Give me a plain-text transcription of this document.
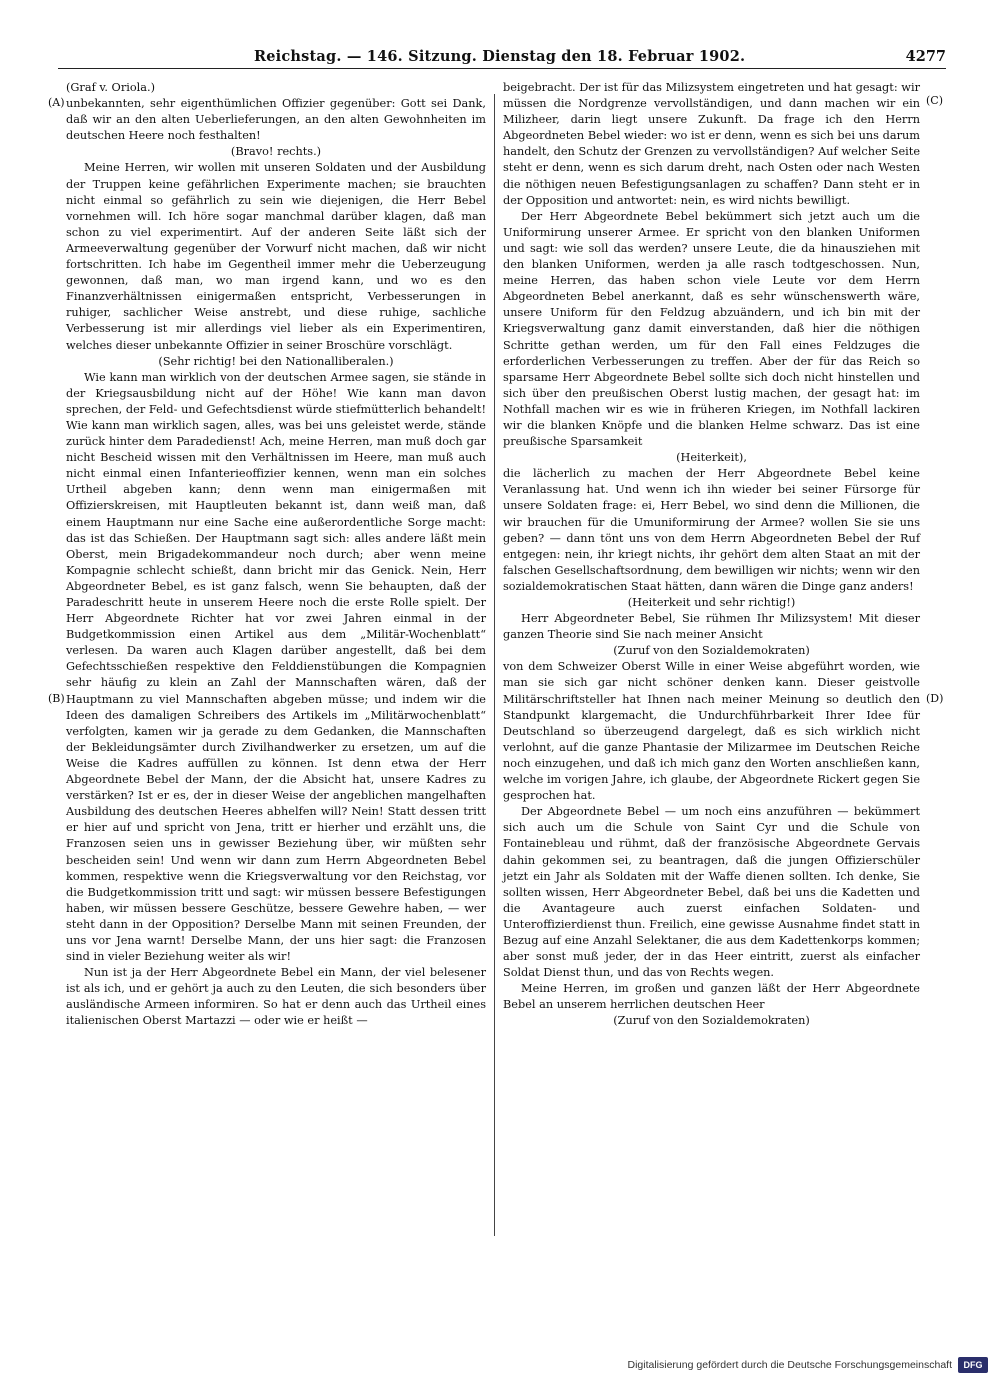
Reichstag. — 146. Sitzung. Dienstag den 18. Februar 1902.	4277
(A)
(B)
(C)
(D)

(Graf v. Oriola.)

unbekannten, sehr eigenthümlichen Offizier gegenüber: Gott sei Dank, daß wir an den alten Ueberlieferungen, an den alten Gewohnheiten im deutschen Heere noch festhalten!

(Bravo! rechts.)

Meine Herren, wir wollen mit unseren Soldaten und der Ausbildung der Truppen keine gefährlichen Experimente machen; sie brauchten nicht einmal so gefährlich zu sein wie diejenigen, die Herr Bebel vornehmen will. Ich höre sogar manchmal darüber klagen, daß man schon zu viel experimentirt. Auf der anderen Seite läßt sich der Armeeverwaltung gegenüber der Vorwurf nicht machen, daß wir nicht fortschritten. Ich habe im Gegentheil immer mehr die Ueberzeugung gewonnen, daß man, wo man irgend kann, und wo es den Finanzverhältnissen einigermaßen entspricht, Verbesserungen in ruhiger, sachlicher Weise anstrebt, und diese ruhige, sachliche Verbesserung ist mir allerdings viel lieber als ein Experimentiren, welches dieser unbekannte Offizier in seiner Broschüre vorschlägt.

(Sehr richtig! bei den Nationalliberalen.)

Wie kann man wirklich von der deutschen Armee sagen, sie stände in der Kriegsausbildung nicht auf der Höhe! Wie kann man davon sprechen, der Feld- und Gefechtsdienst würde stiefmütterlich behandelt! Wie kann man wirklich sagen, alles, was bei uns geleistet werde, stände zurück hinter dem Paradedienst! Ach, meine Herren, man muß doch gar nicht Bescheid wissen mit den Verhältnissen im Heere, man muß auch nicht einmal einen Infanterieoffizier kennen, wenn man ein solches Urtheil abgeben kann; denn wenn man einigermaßen mit Offizierskreisen, mit Hauptleuten bekannt ist, dann weiß man, daß einem Hauptmann nur eine Sache eine außerordentliche Sorge macht: das ist das Schießen. Der Hauptmann sagt sich: alles andere läßt mein Oberst, mein Brigadekommandeur noch durch; aber wenn meine Kompagnie schlecht schießt, dann bricht mir das Genick. Nein, Herr Abgeordneter Bebel, es ist ganz falsch, wenn Sie behaupten, daß der Paradeschritt heute in unserem Heere noch die erste Rolle spielt. Der Herr Abgeordnete Richter hat vor zwei Jahren einmal in der Budgetkommission einen Artikel aus dem „Militär-Wochenblatt“ verlesen. Da waren auch Klagen darüber angestellt, daß bei dem Gefechtsschießen respektive den Felddienstübungen die Kompagnien sehr häufig zu klein an Zahl der Mannschaften wären, daß der Hauptmann zu viel Mannschaften abgeben müsse; und indem wir die Ideen des damaligen Schreibers des Artikels im „Militärwochenblatt“ verfolgten, kamen wir ja gerade zu dem Gedanken, die Mannschaften der Bekleidungsämter durch Zivilhandwerker zu ersetzen, um auf die Weise die Kadres auffüllen zu können. Ist denn etwa der Herr Abgeordnete Bebel der Mann, der die Absicht hat, unsere Kadres zu verstärken? Ist er es, der in dieser Weise der angeblichen mangelhaften Ausbildung des deutschen Heeres abhelfen will? Nein! Statt dessen tritt er hier auf und spricht von Jena, tritt er hierher und erzählt uns, die Franzosen seien uns in gewisser Beziehung über, wir müßten sehr bescheiden sein! Und wenn wir dann zum Herrn Abgeordneten Bebel kommen, respektive wenn die Kriegsverwaltung vor den Reichstag, vor die Budgetkommission tritt und sagt: wir müssen bessere Befestigungen haben, wir müssen bessere Geschütze, bessere Gewehre haben, — wer steht dann in der Opposition? Derselbe Mann mit seinen Freunden, der uns vor Jena warnt! Derselbe Mann, der uns hier sagt: die Franzosen sind in vieler Beziehung weiter als wir!

Nun ist ja der Herr Abgeordnete Bebel ein Mann, der viel belesener ist als ich, und er gehört ja auch zu den Leuten, die sich besonders über ausländische Armeen informiren. So hat er denn auch das Urtheil eines italienischen Oberst Martazzi — oder wie er heißt —

beigebracht. Der ist für das Milizsystem eingetreten und hat gesagt: wir müssen die Nordgrenze vervollständigen, und dann machen wir ein Milizheer, darin liegt unsere Zukunft. Da frage ich den Herrn Abgeordneten Bebel wieder: wo ist er denn, wenn es sich bei uns darum handelt, den Schutz der Grenzen zu vervollständigen? Auf welcher Seite steht er denn, wenn es sich darum dreht, nach Osten oder nach Westen die nöthigen neuen Befestigungsanlagen zu schaffen? Dann steht er in der Opposition und antwortet: nein, es wird nichts bewilligt.

Der Herr Abgeordnete Bebel bekümmert sich jetzt auch um die Uniformirung unserer Armee. Er spricht von den blanken Uniformen und sagt: wie soll das werden? unsere Leute, die da hinausziehen mit den blanken Uniformen, werden ja alle rasch todtgeschossen. Nun, meine Herren, das haben schon viele Leute vor dem Herrn Abgeordneten Bebel anerkannt, daß es sehr wünschenswerth wäre, unsere Uniform für den Feldzug abzuändern, und ich bin mit der Kriegsverwaltung ganz damit einverstanden, daß hier die nöthigen Schritte gethan werden, um für den Fall eines Feldzuges die erforderlichen Verbesserungen zu treffen. Aber der für das Reich so sparsame Herr Abgeordnete Bebel sollte sich doch nicht hinstellen und sich über den preußischen Oberst lustig machen, der gesagt hat: im Nothfall machen wir es wie in früheren Kriegen, im Nothfall lackiren wir die blanken Knöpfe und die blanken Helme schwarz. Das ist eine preußische Sparsamkeit

(Heiterkeit),

die lächerlich zu machen der Herr Abgeordnete Bebel keine Veranlassung hat. Und wenn ich ihn wieder bei seiner Fürsorge für unsere Soldaten frage: ei, Herr Bebel, wo sind denn die Millionen, die wir brauchen für die Umuniformirung der Armee? wollen Sie sie uns geben? — dann tönt uns von dem Herrn Abgeordneten Bebel der Ruf entgegen: nein, ihr kriegt nichts, ihr gehört dem alten Staat an mit der falschen Gesellschaftsordnung, dem bewilligen wir nichts; wenn wir den sozialdemokratischen Staat hätten, dann wären die Dinge ganz anders!

(Heiterkeit und sehr richtig!)

Herr Abgeordneter Bebel, Sie rühmen Ihr Milizsystem! Mit dieser ganzen Theorie sind Sie nach meiner Ansicht

(Zuruf von den Sozialdemokraten)

von dem Schweizer Oberst Wille in einer Weise abgeführt worden, wie man sie sich gar nicht schöner denken kann. Dieser geistvolle Militärschriftsteller hat Ihnen nach meiner Meinung so deutlich den Standpunkt klargemacht, die Undurchführbarkeit Ihrer Idee für Deutschland so überzeugend dargelegt, daß es sich wirklich nicht verlohnt, auf die ganze Phantasie der Milizarmee im Deutschen Reiche noch einzugehen, und daß ich mich ganz den Worten anschließen kann, welche im vorigen Jahre, ich glaube, der Abgeordnete Rickert gegen Sie gesprochen hat.

Der Abgeordnete Bebel — um noch eins anzuführen — bekümmert sich auch um die Schule von Saint Cyr und die Schule von Fontainebleau und rühmt, daß der französische Abgeordnete Gervais dahin gekommen sei, zu beantragen, daß die jungen Offizierschüler jetzt ein Jahr als Soldaten mit der Waffe dienen sollten. Ich denke, Sie sollten wissen, Herr Abgeordneter Bebel, daß bei uns die Kadetten und die Avantageure auch zuerst einfachen Soldaten- und Unteroffizierdienst thun. Freilich, eine gewisse Ausnahme findet statt in Bezug auf eine Anzahl Selektaner, die aus dem Kadettenkorps kommen; aber sonst muß jeder, der in das Heer eintritt, zuerst als einfacher Soldat Dienst thun, und das von Rechts wegen.

Meine Herren, im großen und ganzen läßt der Herr Abgeordnete Bebel an unserem herrlichen deutschen Heer

(Zuruf von den Sozialdemokraten)

Digitalisierung gefördert durch die Deutsche Forschungsgemeinschaft	DFG
